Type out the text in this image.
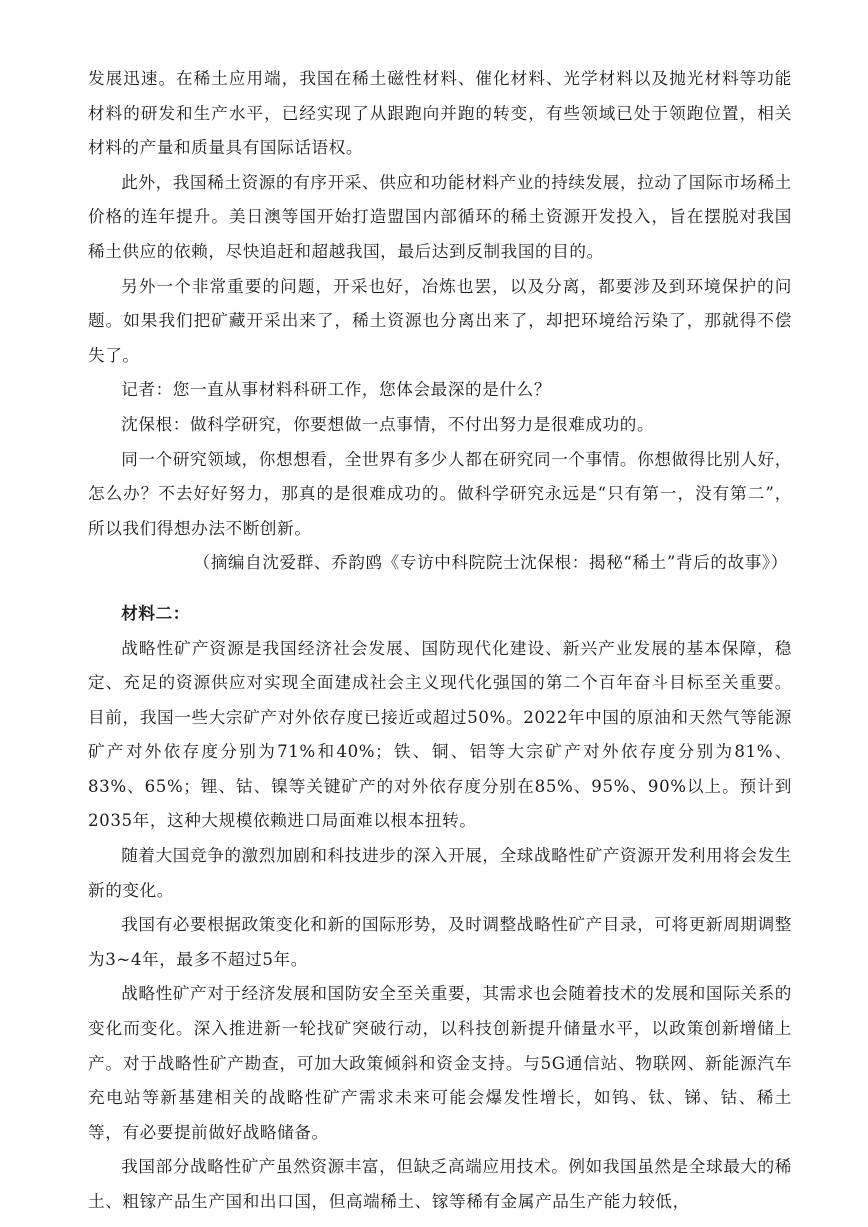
发展迅速。在稀土应用端，我国在稀土磁性材料、催化材料、光学材料以及抛光材料等功能材料的研发和生产水平，已经实现了从跟跑向并跑的转变，有些领域已处于领跑位置，相关材料的产量和质量具有国际话语权。

此外，我国稀土资源的有序开采、供应和功能材料产业的持续发展，拉动了国际市场稀土价格的连年提升。美日澳等国开始打造盟国内部循环的稀土资源开发投入，旨在摆脱对我国稀土供应的依赖，尽快追赶和超越我国，最后达到反制我国的目的。

另外一个非常重要的问题，开采也好，冶炼也罢，以及分离，都要涉及到环境保护的问题。如果我们把矿藏开采出来了，稀土资源也分离出来了，却把环境给污染了，那就得不偿失了。

记者：您一直从事材料科研工作，您体会最深的是什么？

沈保根：做科学研究，你要想做一点事情，不付出努力是很难成功的。

同一个研究领域，你想想看，全世界有多少人都在研究同一个事情。你想做得比别人好，怎么办？不去好好努力，那真的是很难成功的。做科学研究永远是“只有第一，没有第二”，所以我们得想办法不断创新。

（摘编自沈爱群、乔韵鸥《专访中科院院士沈保根：揭秘“稀土”背后的故事》）

材料二：

战略性矿产资源是我国经济社会发展、国防现代化建设、新兴产业发展的基本保障，稳定、充足的资源供应对实现全面建成社会主义现代化强国的第二个百年奋斗目标至关重要。目前，我国一些大宗矿产对外依存度已接近或超过50%。2022年中国的原油和天然气等能源矿产对外依存度分别为71%和40%；铁、铜、铝等大宗矿产对外依存度分别为81%、83%、65%；锂、钴、镍等关键矿产的对外依存度分别在85%、95%、90%以上。预计到2035年，这种大规模依赖进口局面难以根本扭转。

随着大国竞争的激烈加剧和科技进步的深入开展，全球战略性矿产资源开发利用将会发生新的变化。

我国有必要根据政策变化和新的国际形势，及时调整战略性矿产目录，可将更新周期调整为3~4年，最多不超过5年。

战略性矿产对于经济发展和国防安全至关重要，其需求也会随着技术的发展和国际关系的变化而变化。深入推进新一轮找矿突破行动，以科技创新提升储量水平，以政策创新增储上产。对于战略性矿产勘查，可加大政策倾斜和资金支持。与5G通信站、物联网、新能源汽车充电站等新基建相关的战略性矿产需求未来可能会爆发性增长，如钨、钛、锑、钴、稀土等，有必要提前做好战略储备。

我国部分战略性矿产虽然资源丰富，但缺乏高端应用技术。例如我国虽然是全球最大的稀土、粗镓产品生产国和出口国，但高端稀土、镓等稀有金属产品生产能力较低，
